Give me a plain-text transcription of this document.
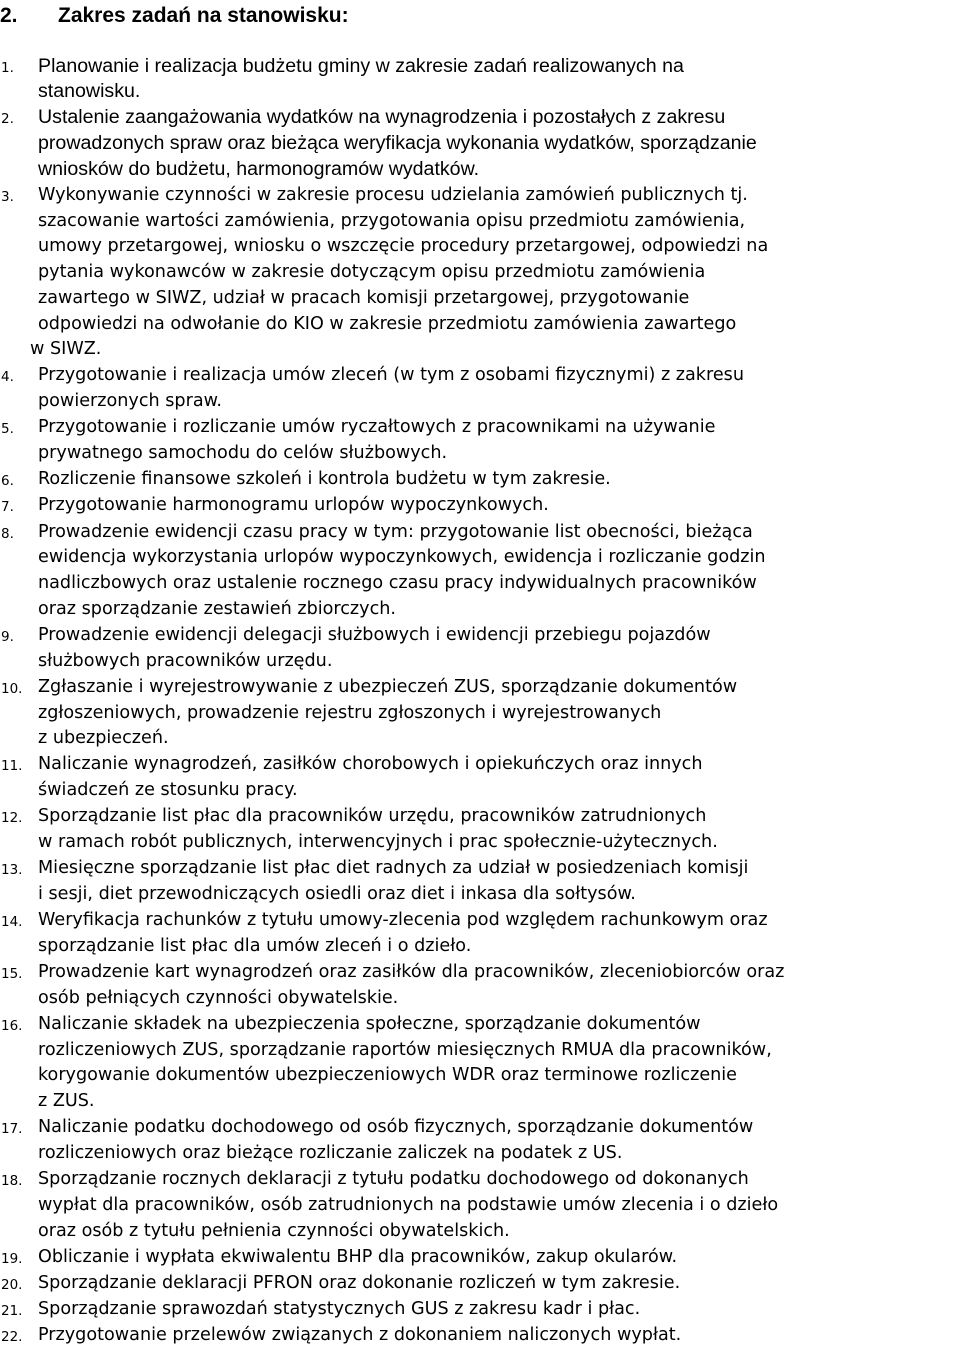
2. Zakres zadań na stanowisku:
1. Planowanie i realizacja budżetu gminy w zakresie zadań realizowanych na
stanowisku.
2. Ustalenie zaangażowania wydatków na wynagrodzenia i pozostałych z zakresu
prowadzonych spraw oraz bieżąca weryfikacja wykonania wydatków, sporządzanie
wniosków do budżetu, harmonogramów wydatków.
3. Wykonywanie czynności w zakresie procesu udzielania zamówień publicznych tj.
szacowanie wartości zamówienia, przygotowania opisu przedmiotu zamówienia,
umowy przetargowej, wniosku o wszczęcie procedury przetargowej, odpowiedzi na
pytania wykonawców w zakresie dotyczącym opisu przedmiotu zamówienia
zawartego w SIWZ, udział w pracach komisji przetargowej, przygotowanie
odpowiedzi na odwołanie do KIO w zakresie przedmiotu zamówienia zawartego
w SIWZ.
4. Przygotowanie i realizacja umów zleceń (w tym z osobami fizycznymi) z zakresu
powierzonych spraw.
5. Przygotowanie i rozliczanie umów ryczałtowych z pracownikami na używanie
prywatnego samochodu do celów służbowych.
6. Rozliczenie finansowe szkoleń i kontrola budżetu w tym zakresie.
7. Przygotowanie harmonogramu urlopów wypoczynkowych.
8. Prowadzenie ewidencji czasu pracy w tym: przygotowanie list obecności, bieżąca
ewidencja wykorzystania urlopów wypoczynkowych, ewidencja i rozliczanie godzin
nadliczbowych oraz ustalenie rocznego czasu pracy indywidualnych pracowników
oraz sporządzanie zestawień zbiorczych.
9. Prowadzenie ewidencji delegacji służbowych i ewidencji przebiegu pojazdów
służbowych pracowników urzędu.
10. Zgłaszanie i wyrejestrowywanie z ubezpieczeń ZUS, sporządzanie dokumentów
zgłoszeniowych, prowadzenie rejestru zgłoszonych i wyrejestrowanych
z ubezpieczeń.
11. Naliczanie wynagrodzeń, zasiłków chorobowych i opiekuńczych oraz innych
świadczeń ze stosunku pracy.
12. Sporządzanie list płac dla pracowników urzędu, pracowników zatrudnionych
w ramach robót publicznych, interwencyjnych i prac społecznie-użytecznych.
13. Miesięczne sporządzanie list płac diet radnych za udział w posiedzeniach komisji
i sesji, diet przewodniczących osiedli oraz diet i inkasa dla sołtysów.
14. Weryfikacja rachunków z tytułu umowy-zlecenia pod względem rachunkowym oraz
sporządzanie list płac dla umów zleceń i o dzieło.
15. Prowadzenie kart wynagrodzeń oraz zasiłków dla pracowników, zleceniobiorców oraz
osób pełniących czynności obywatelskie.
16. Naliczanie składek na ubezpieczenia społeczne, sporządzanie dokumentów
rozliczeniowych ZUS, sporządzanie raportów miesięcznych RMUA dla pracowników,
korygowanie dokumentów ubezpieczeniowych WDR oraz terminowe rozliczenie
z ZUS.
17. Naliczanie podatku dochodowego od osób fizycznych, sporządzanie dokumentów
rozliczeniowych oraz bieżące rozliczanie zaliczek na podatek z US.
18. Sporządzanie rocznych deklaracji z tytułu podatku dochodowego od dokonanych
wypłat dla pracowników, osób zatrudnionych na podstawie umów zlecenia i o dzieło
oraz osób z tytułu pełnienia czynności obywatelskich.
19. Obliczanie i wypłata ekwiwalentu BHP dla pracowników, zakup okularów.
20. Sporządzanie deklaracji PFRON oraz dokonanie rozliczeń w tym zakresie.
21. Sporządzanie sprawozdań statystycznych GUS z zakresu kadr i płac.
22. Przygotowanie przelewów związanych z dokonaniem naliczonych wypłat.
